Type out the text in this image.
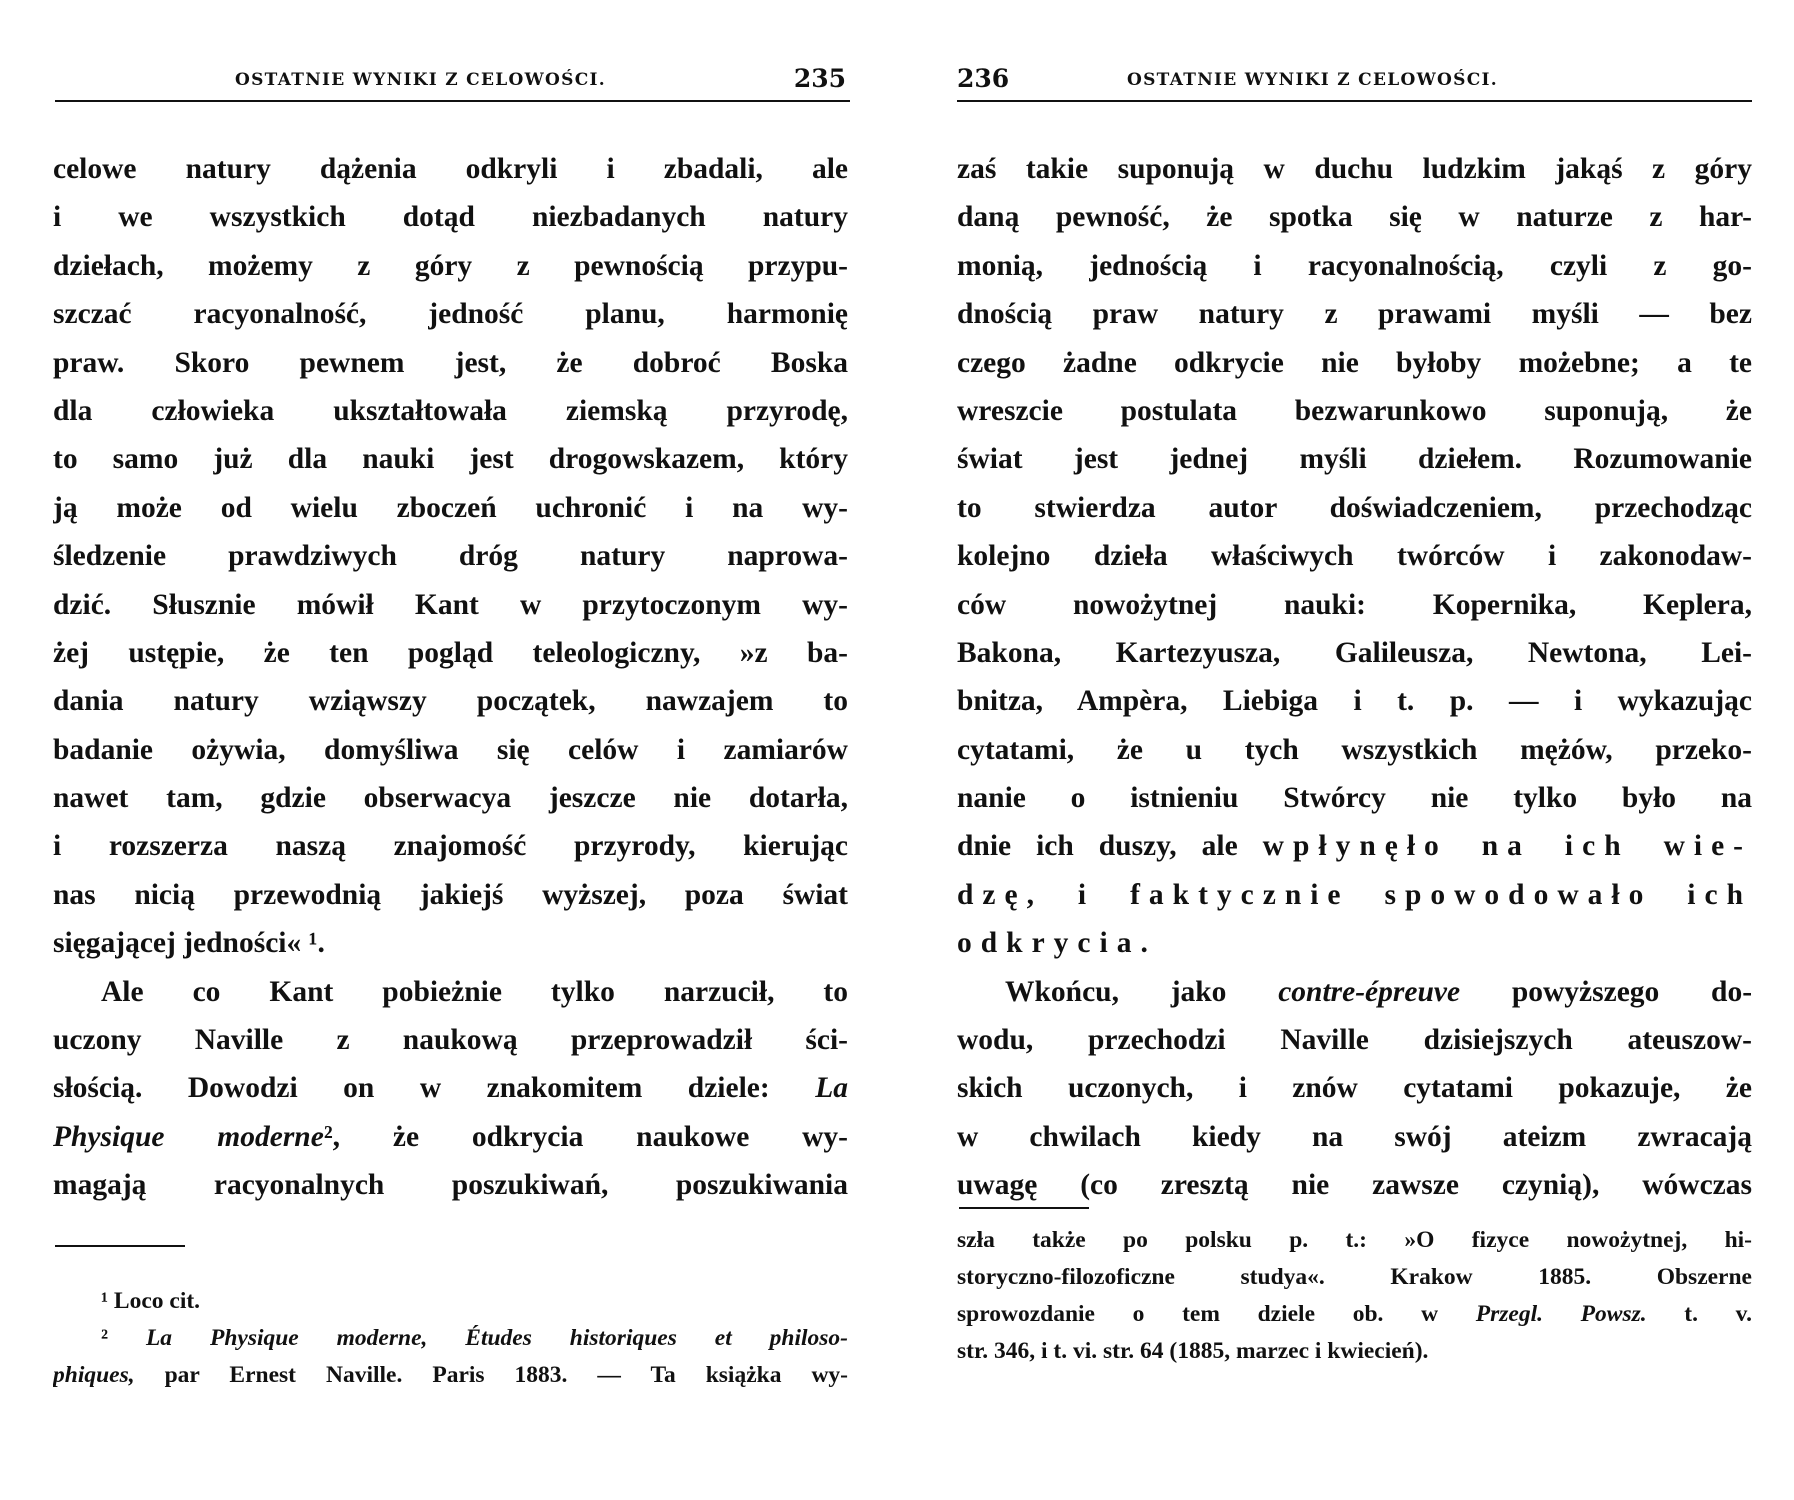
OSTATNIE WYNIKI Z CELOWOŚCI.	235
celowe natury dążenia odkryli i zbadali, ale
i we wszystkich dotąd niezbadanych natury
dziełach, możemy z góry z pewnością przypu-
szczać racyonalność, jedność planu, harmonię
praw. Skoro pewnem jest, że dobroć Boska
dla człowieka ukształtowała ziemską przyrodę,
to samo już dla nauki jest drogowskazem, który
ją może od wielu zboczeń uchronić i na wy-
śledzenie prawdziwych dróg natury naprowa-
dzić. Słusznie mówił Kant w przytoczonym wy-
żej ustępie, że ten pogląd teleologiczny, »z ba-
dania natury wziąwszy początek, nawzajem to
badanie ożywia, domyśliwa się celów i zamiarów
nawet tam, gdzie obserwacya jeszcze nie dotarła,
i rozszerza naszą znajomość przyrody, kierując
nas nicią przewodnią jakiejś wyższej, poza świat
sięgającej jedności« ¹.
Ale co Kant pobieżnie tylko narzucił, to
uczony Naville z naukową przeprowadził ści-
słością. Dowodzi on w znakomitem dziele: La
Physique moderne², że odkrycia naukowe wy-
magają racyonalnych poszukiwań, poszukiwania
¹ Loco cit.
² La Physique moderne, Études historiques et philoso-
phiques, par Ernest Naville. Paris 1883. — Ta książka wy-
236	OSTATNIE WYNIKI Z CELOWOŚCI.
zaś takie suponują w duchu ludzkim jakąś z góry
daną pewność, że spotka się w naturze z har-
monią, jednością i racyonalnością, czyli z go-
dnością praw natury z prawami myśli — bez
czego żadne odkrycie nie byłoby możebne; a te
wreszcie postulata bezwarunkowo suponują, że
świat jest jednej myśli dziełem. Rozumowanie
to stwierdza autor doświadczeniem, przechodząc
kolejno dzieła właściwych twórców i zakonodaw-
ców nowożytnej nauki: Kopernika, Keplera,
Bakona, Kartezyusza, Galileusza, Newtona, Lei-
bnitza, Ampèra, Liebiga i t. p. — i wykazując
cytatami, że u tych wszystkich mężów, przeko-
nanie o istnieniu Stwórcy nie tylko było na
dnie ich duszy, ale wpłynęło na ich wie-
dzę, i faktycznie spowodowało ich
odkrycia.
Wkońcu, jako contre-épreuve powyższego do-
wodu, przechodzi Naville dzisiejszych ateuszow-
skich uczonych, i znów cytatami pokazuje, że
w chwilach kiedy na swój ateizm zwracają
uwagę (co zresztą nie zawsze czynią), wówczas
szła także po polsku p. t.: »O fizyce nowożytnej, hi-
storyczno-filozoficzne studya«. Krakow 1885. Obszerne
sprowozdanie o tem dziele ob. w Przegl. Powsz. t. v.
str. 346, i t. vi. str. 64 (1885, marzec i kwiecień).
